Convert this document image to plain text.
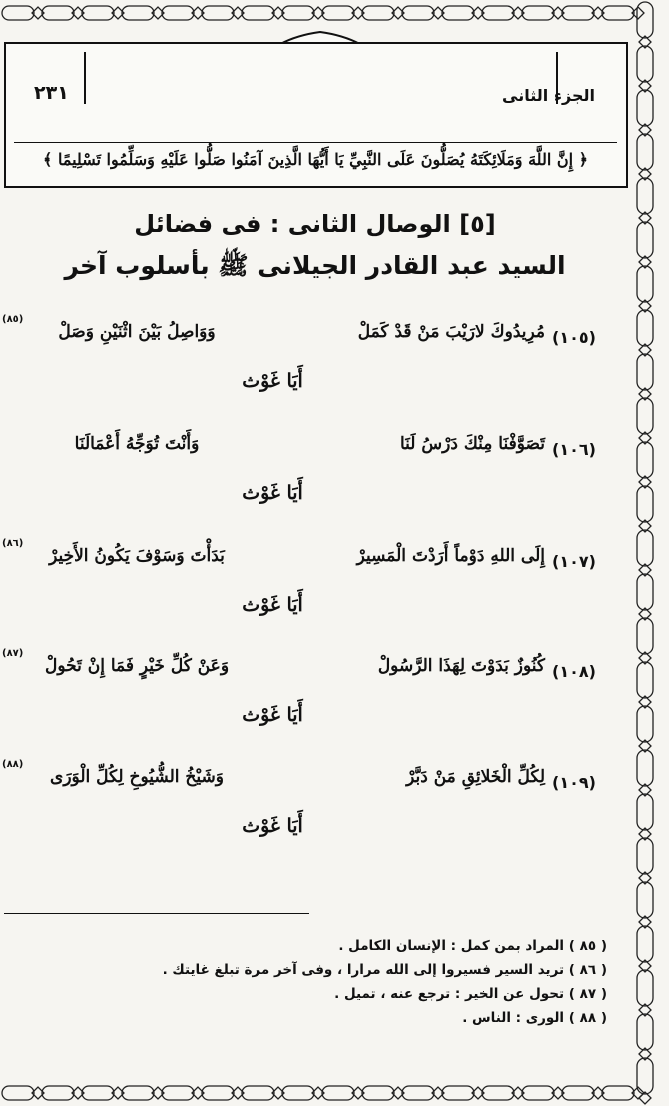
الجزء الثانى
٢٣١
﴿ إِنَّ اللَّهَ وَمَلَائِكَتَهُ يُصَلُّونَ عَلَى النَّبِيِّ يَا أَيُّهَا الَّذِينَ آمَنُوا صَلُّوا عَلَيْهِ وَسَلِّمُوا تَسْلِيمًا ﴾
[٥] الوصال الثانى : فى فضائل
السيد عبد القادر الجيلانى ﷺ بأسلوب آخر
(١٠٥)
مُرِيدُوكَ لارَيْبَ مَنْ قَدْ كَمَلْ
وَوَاصِلُ بَيْنَ اثْنَيْنِ وَصَلْ
(٨٥)
أَيَا غَوْث
(١٠٦)
تَصَوَّفْنَا مِنْكَ دَرْسُ لَنَا
وَأَنْتَ تُوَجِّهُ أَعْمَالَنَا
أَيَا غَوْث
(١٠٧)
إِلَى اللهِ دَوْماً أَرَدْتَ الْمَسِيرْ
بَدَأْتَ وَسَوْفَ يَكُونُ الأَخِيرْ
(٨٦)
أَيَا غَوْث
(١٠٨)
كُنُوزٌ بَدَوْتَ لِهَذَا الرَّسُولْ
وَعَنْ كُلِّ خَيْرٍ فَمَا إِنْ تَحُولْ
(٨٧)
أَيَا غَوْث
(١٠٩)
لِكُلِّ الْخَلائِقِ مَنْ دَبَّرْ
وَشَيْخُ الشُّيُوخِ لِكُلِّ الْوَرَى
(٨٨)
أَيَا غَوْث
( ٨٥ ) المراد بمن كمل : الإنسان الكامل .
( ٨٦ ) تريد السير فسيروا إلى الله مرارا ، وفى آخر مرة تبلغ غايتك .
( ٨٧ ) تحول عن الخير : ترجع عنه ، تميل .
( ٨٨ ) الورى : الناس .
